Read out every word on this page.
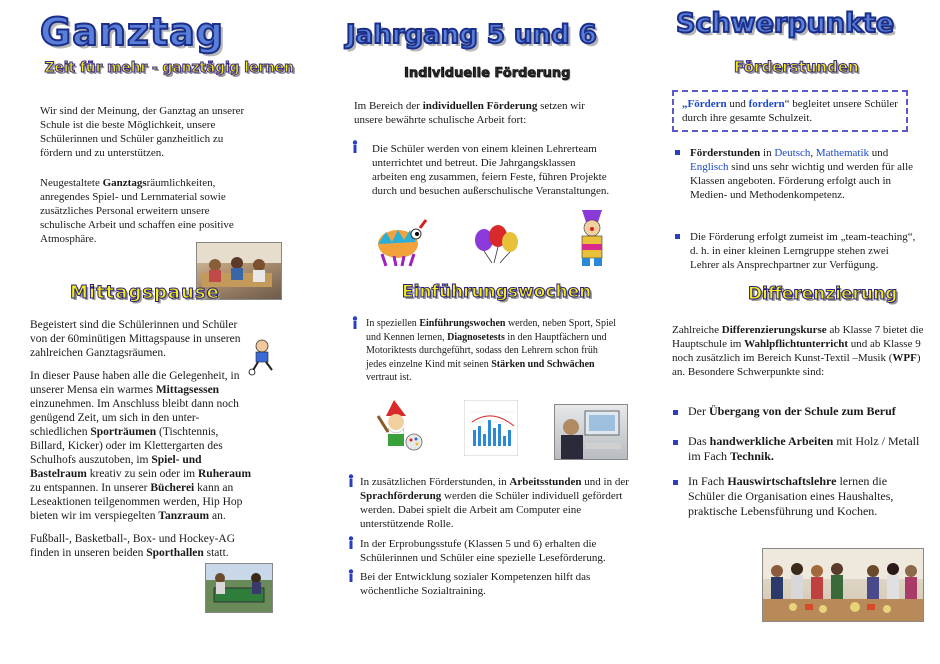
Ganztag
Zeit für mehr - ganztägig lernen

Wir sind der Meinung, der Ganztag an unserer Schule ist die beste Möglichkeit, unsere Schülerinnen und Schüler ganzheitlich zu fördern und zu unterstützen.

Neugestaltete Ganztagsräumlichkeiten, anregendes Spiel- und Lernmaterial sowie zusätzliches Personal erweitern unsere schulische Arbeit und schaffen eine positive Atmosphäre.

Mittagspause

Begeistert sind die Schülerinnen und Schüler von der 60minütigen Mittagspause in unseren zahlreichen Ganztagsräumen.

In dieser Pause haben alle die Gelegenheit, in unserer Mensa ein warmes Mittagsessen einzunehmen. Im Anschluss bleibt dann noch genügend Zeit, um sich in den unter-schiedlichen Sporträumen (Tischtennis, Billard, Kicker) oder im Klettergarten des Schulhofs auszutoben, im Spiel- und Bastelraum kreativ zu sein oder im Ruheraum zu entspannen. In unserer Bücherei kann an Leseaktionen teilgenommen werden, Hip Hop bieten wir im verspiegelten Tanzraum an.

Fußball-, Basketball-, Box- und Hockey-AG finden in unseren beiden Sporthallen statt.

Jahrgang 5 und 6
Individuelle Förderung

Im Bereich der individuellen Förderung setzen wir unsere bewährte schulische Arbeit fort:

Die Schüler werden von einem kleinen Lehrerteam unterrichtet und betreut. Die Jahrgangsklassen arbeiten eng zusammen, feiern Feste, führen Projekte durch und besuchen außerschulische Veranstaltungen.

Einführungswochen

In speziellen Einführungswochen werden, neben Sport, Spiel und Kennen lernen, Diagnosetests in den Hauptfächern und Motoriktests durchgeführt, sodass den Lehrern schon früh jedes einzelne Kind mit seinen Stärken und Schwächen vertraut ist.

In zusätzlichen Förderstunden, in Arbeitsstunden und in der Sprachförderung werden die Schüler individuell gefördert werden. Dabei spielt die Arbeit am Computer eine unterstützende Rolle.

In der Erprobungsstufe (Klassen 5 und 6) erhalten die Schülerinnen und Schüler eine spezielle Leseförderung.

Bei der Entwicklung sozialer Kompetenzen hilft das wöchentliche Sozialtraining.

Schwerpunkte
Förderstunden

„Fördern und fordern“ begleitet unsere Schüler durch ihre gesamte Schulzeit.

Förderstunden in Deutsch, Mathematik und Englisch sind uns sehr wichtig und werden für alle Klassen angeboten. Förderung erfolgt auch in Medien- und Methodenkompetenz.

Die Förderung erfolgt zumeist im „team-teaching“, d. h. in einer kleinen Lerngruppe stehen zwei Lehrer als Ansprechpartner zur Verfügung.

Differenzierung

Zahlreiche Differenzierungskurse ab Klasse 7 bietet die Hauptschule im Wahlpflichtunterricht und ab Klasse 9 noch zusätzlich im Bereich Kunst-Textil –Musik (WPF) an. Besondere Schwerpunkte sind:

Der Übergang von der Schule zum Beruf

Das handwerkliche Arbeiten mit Holz / Metall im Fach Technik.

In Fach Hauswirtschaftslehre lernen die Schüler die Organisation eines Haushaltes, praktische Lebensführung und Kochen.
